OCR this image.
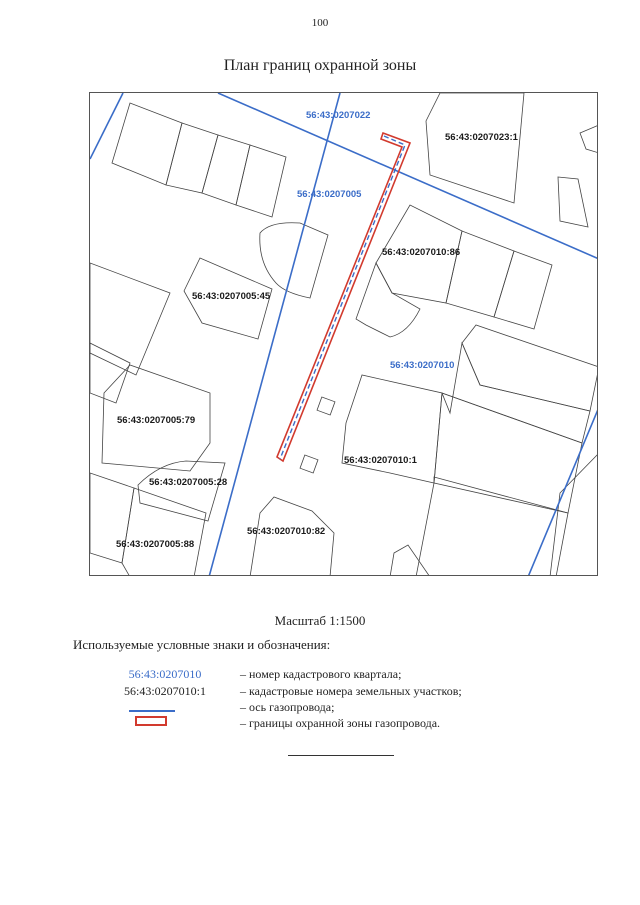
100
План границ охранной зоны
56:43:0207022
56:43:0207023:1
56:43:0207005
56:43:0207010:86
56:43:0207005:45
56:43:0207010
56:43:0207005:79
56:43:0207010:1
56:43:0207005:28
56:43:0207010:82
56:43:0207005:88
Масштаб 1:1500
Используемые условные знаки и обозначения:
56:43:0207010	– номер кадастрового квартала;
56:43:0207010:1	– кадастровые номера земельных участков;
– ось газопровода;
– границы охранной зоны газопровода.
